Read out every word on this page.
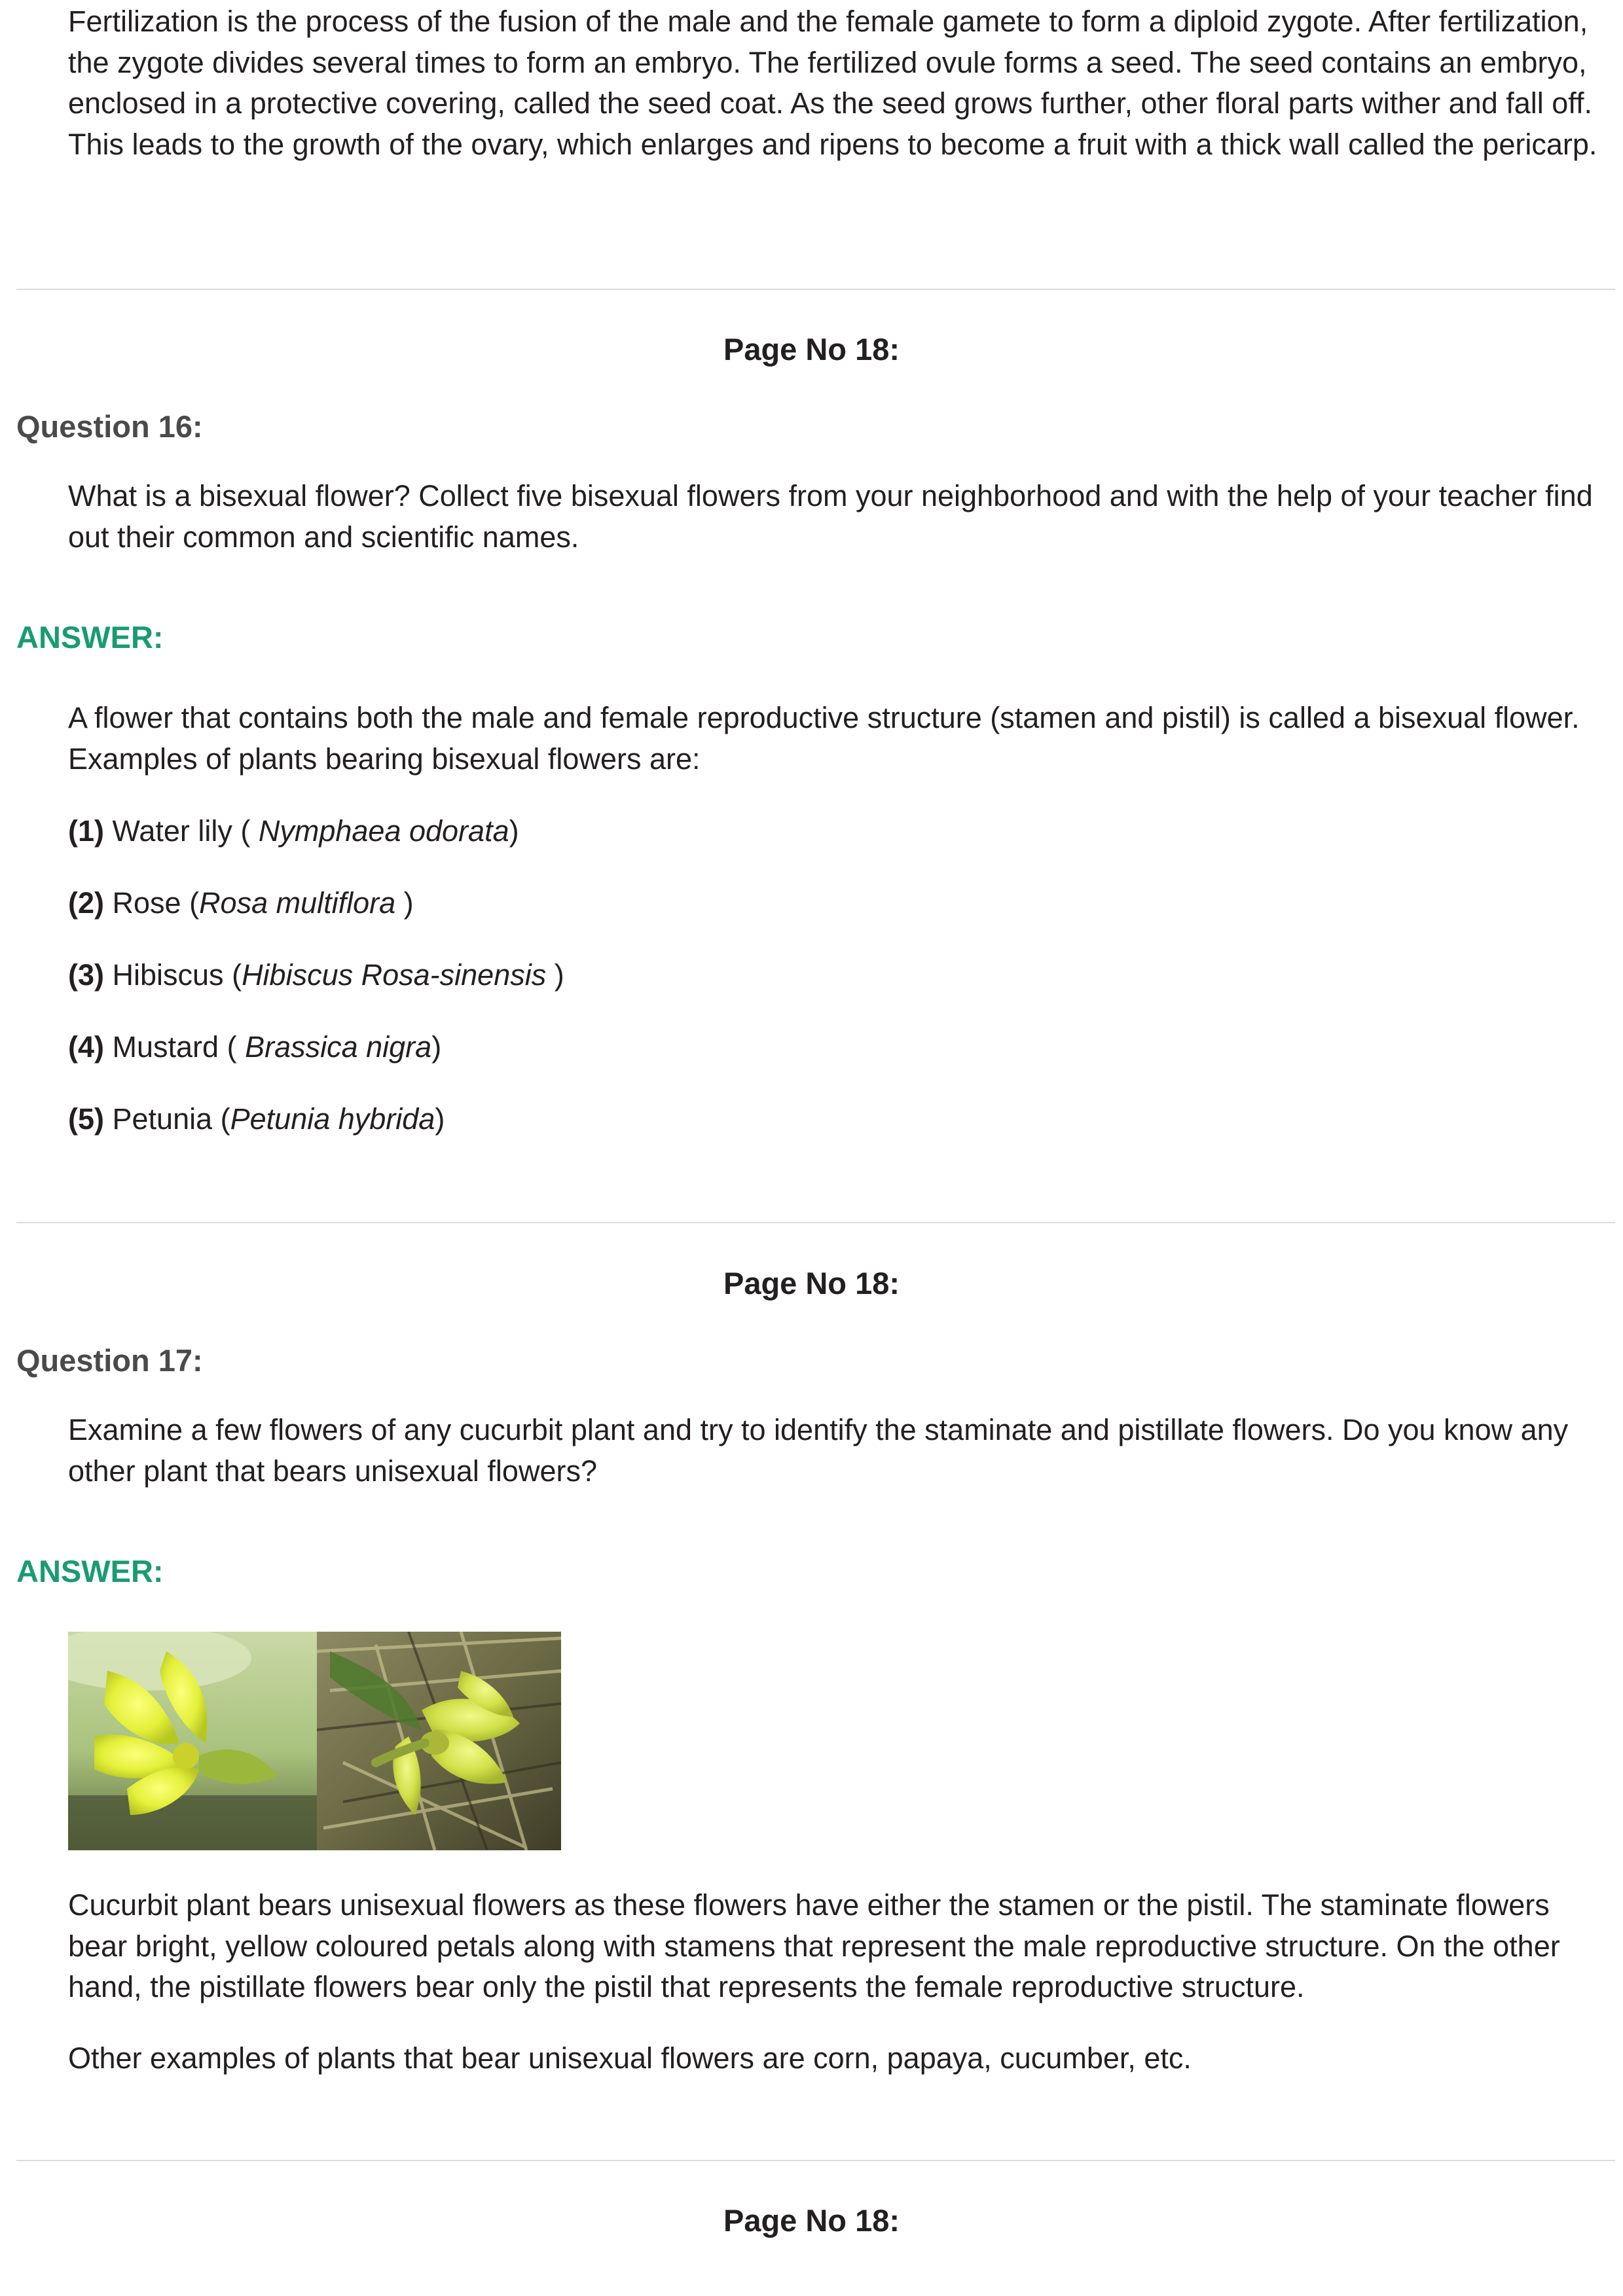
Fertilization is the process of the fusion of the male and the female gamete to form a diploid zygote. After fertilization, the zygote divides several times to form an embryo. The fertilized ovule forms a seed. The seed contains an embryo, enclosed in a protective covering, called the seed coat. As the seed grows further, other floral parts wither and fall off. This leads to the growth of the ovary, which enlarges and ripens to become a fruit with a thick wall called the pericarp.

Page No 18:
Question 16:

What is a bisexual flower? Collect five bisexual flowers from your neighborhood and with the help of your teacher find out their common and scientific names.

ANSWER:

A flower that contains both the male and female reproductive structure (stamen and pistil) is called a bisexual flower. Examples of plants bearing bisexual flowers are:

(1) Water lily ( Nymphaea odorata)
(2) Rose (Rosa multiflora )
(3) Hibiscus (Hibiscus Rosa-sinensis )
(4) Mustard ( Brassica nigra)
(5) Petunia (Petunia hybrida)
Page No 18:
Question 17:

Examine a few flowers of any cucurbit plant and try to identify the staminate and pistillate flowers. Do you know any other plant that bears unisexual flowers?

ANSWER:

Cucurbit plant bears unisexual flowers as these flowers have either the stamen or the pistil. The staminate flowers bear bright, yellow coloured petals along with stamens that represent the male reproductive structure. On the other hand, the pistillate flowers bear only the pistil that represents the female reproductive structure.

Other examples of plants that bear unisexual flowers are corn, papaya, cucumber, etc.

Page No 18:
